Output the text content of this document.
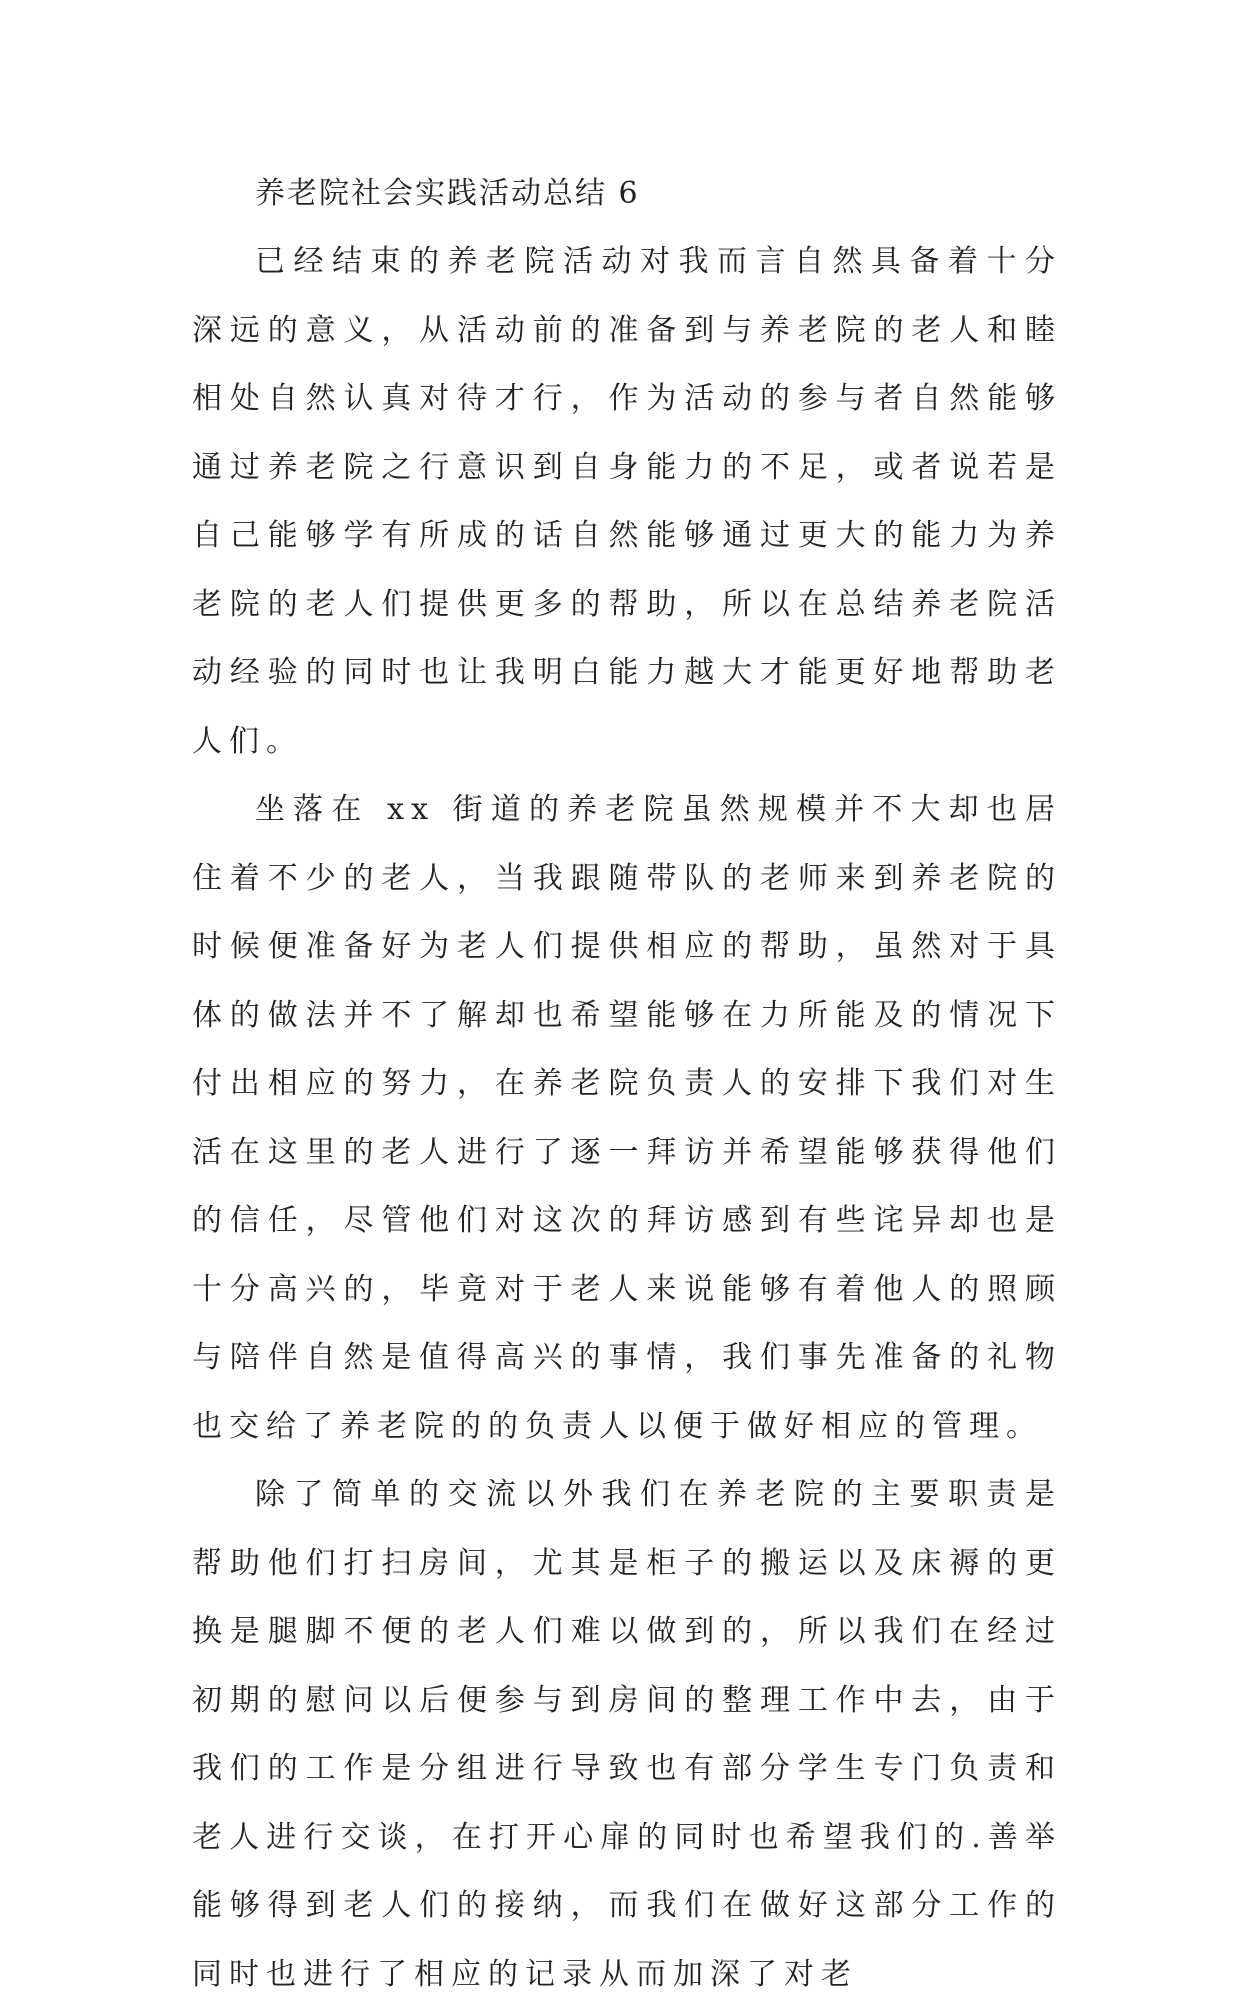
养老院社会实践活动总结 6

已经结束的养老院活动对我而言自然具备着十分深远的意义，从活动前的准备到与养老院的老人和睦相处自然认真对待才行，作为活动的参与者自然能够通过养老院之行意识到自身能力的不足，或者说若是自己能够学有所成的话自然能够通过更大的能力为养老院的老人们提供更多的帮助，所以在总结养老院活动经验的同时也让我明白能力越大才能更好地帮助老人们。

坐落在 xx 街道的养老院虽然规模并不大却也居住着不少的老人，当我跟随带队的老师来到养老院的时候便准备好为老人们提供相应的帮助，虽然对于具体的做法并不了解却也希望能够在力所能及的情况下付出相应的努力，在养老院负责人的安排下我们对生活在这里的老人进行了逐一拜访并希望能够获得他们的信任，尽管他们对这次的拜访感到有些诧异却也是十分高兴的，毕竟对于老人来说能够有着他人的照顾与陪伴自然是值得高兴的事情，我们事先准备的礼物也交给了养老院的的负责人以便于做好相应的管理。

除了简单的交流以外我们在养老院的主要职责是帮助他们打扫房间，尤其是柜子的搬运以及床褥的更换是腿脚不便的老人们难以做到的，所以我们在经过初期的慰问以后便参与到房间的整理工作中去，由于我们的工作是分组进行导致也有部分学生专门负责和老人进行交谈，在打开心扉的同时也希望我们的.善举能够得到老人们的接纳，而我们在做好这部分工作的同时也进行了相应的记录从而加深了对老
